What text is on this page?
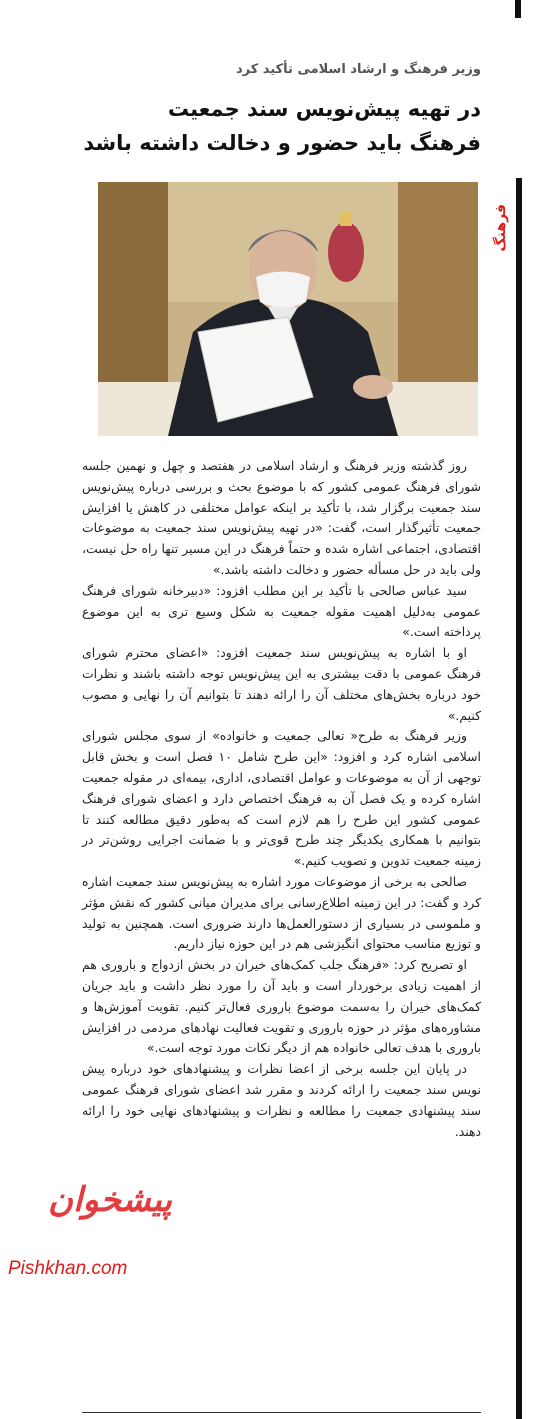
فرهنگ
وزیر فرهنگ و ارشاد اسلامی تأکید کرد
در تهیه پیش‌نویس سند جمعیت
فرهنگ باید حضور و دخالت داشته باشد

روز گذشته وزیر فرهنگ و ارشاد اسلامی در هفتصد و چهل و نهمین جلسه شورای فرهنگ عمومی کشور که با موضوع بحث و بررسی درباره پیش‌نویس سند جمعیت برگزار شد، با تأکید بر اینکه عوامل مختلفی در کاهش یا افزایش جمعیت تأثیرگذار است، گفت: «در تهیه پیش‌نویس سند جمعیت به موضوعات اقتصادی، اجتماعی اشاره شده و حتماً فرهنگ در این مسیر تنها راه حل نیست، ولی باید در حل مسأله حضور و دخالت داشته باشد.»

سید عباس صالحی با تأکید بر این مطلب افزود: «دبیرخانه شورای فرهنگ عمومی به‌دلیل اهمیت مقوله جمعیت به شکل وسیع تری به این موضوع پرداخته است.»

او با اشاره به پیش‌نویس سند جمعیت افزود: «اعضای محترم شورای فرهنگ عمومی با دقت بیشتری به این پیش‌نویس توجه داشته باشند و نظرات خود درباره بخش‌های مختلف آن را ارائه دهند تا بتوانیم آن را نهایی و مصوب کنیم.»

وزیر فرهنگ به طرح« تعالی جمعیت و خانواده» از سوی مجلس شورای اسلامی اشاره کرد و افزود: «این طرح شامل ۱۰ فصل است و بخش قابل توجهی از آن به موضوعات و عوامل اقتصادی، اداری، بیمه‌ای در مقوله جمعیت اشاره کرده و یک فصل آن به فرهنگ اختصاص دارد و اعضای شورای فرهنگ عمومی کشور این طرح را هم لازم است که به‌طور دقیق مطالعه کنند تا بتوانیم با همکاری یکدیگر چند طرح قوی‌تر و با ضمانت اجرایی روشن‌تر در زمینه جمعیت تدوین و تصویب کنیم.»

صالحی به برخی از موضوعات مورد اشاره به پیش‌نویس سند جمعیت اشاره کرد و گفت: در این زمینه اطلاع‌رسانی برای مدیران میانی کشور که نقش مؤثر و ملموسی در بسیاری از دستورالعمل‌ها دارند ضروری است. همچنین به تولید و توزیع مناسب محتوای انگیزشی هم در این حوزه نیاز داریم.

او تصریح کرد: «فرهنگ جلب کمک‌های خیران در بخش ازدواج و باروری هم از اهمیت زیادی برخوردار است و باید آن را مورد نظر داشت و باید جریان کمک‌های خیران را به‌سمت موضوع باروری فعال‌تر کنیم. تقویت آموزش‌ها و مشاوره‌های مؤثر در حوزه باروری و تقویت فعالیت نهادهای مردمی در افزایش باروری با هدف تعالی خانواده هم از دیگر نکات مورد توجه است.»

در پایان این جلسه برخی از اعضا نظرات و پیشنهادهای خود درباره پیش نویس سند جمعیت را ارائه کردند و مقرر شد اعضای شورای فرهنگ عمومی سند پیشنهادی جمعیت را مطالعه و نظرات و پیشنهادهای نهایی خود را ارائه دهند.

پیشخوان
Pishkhan.com
